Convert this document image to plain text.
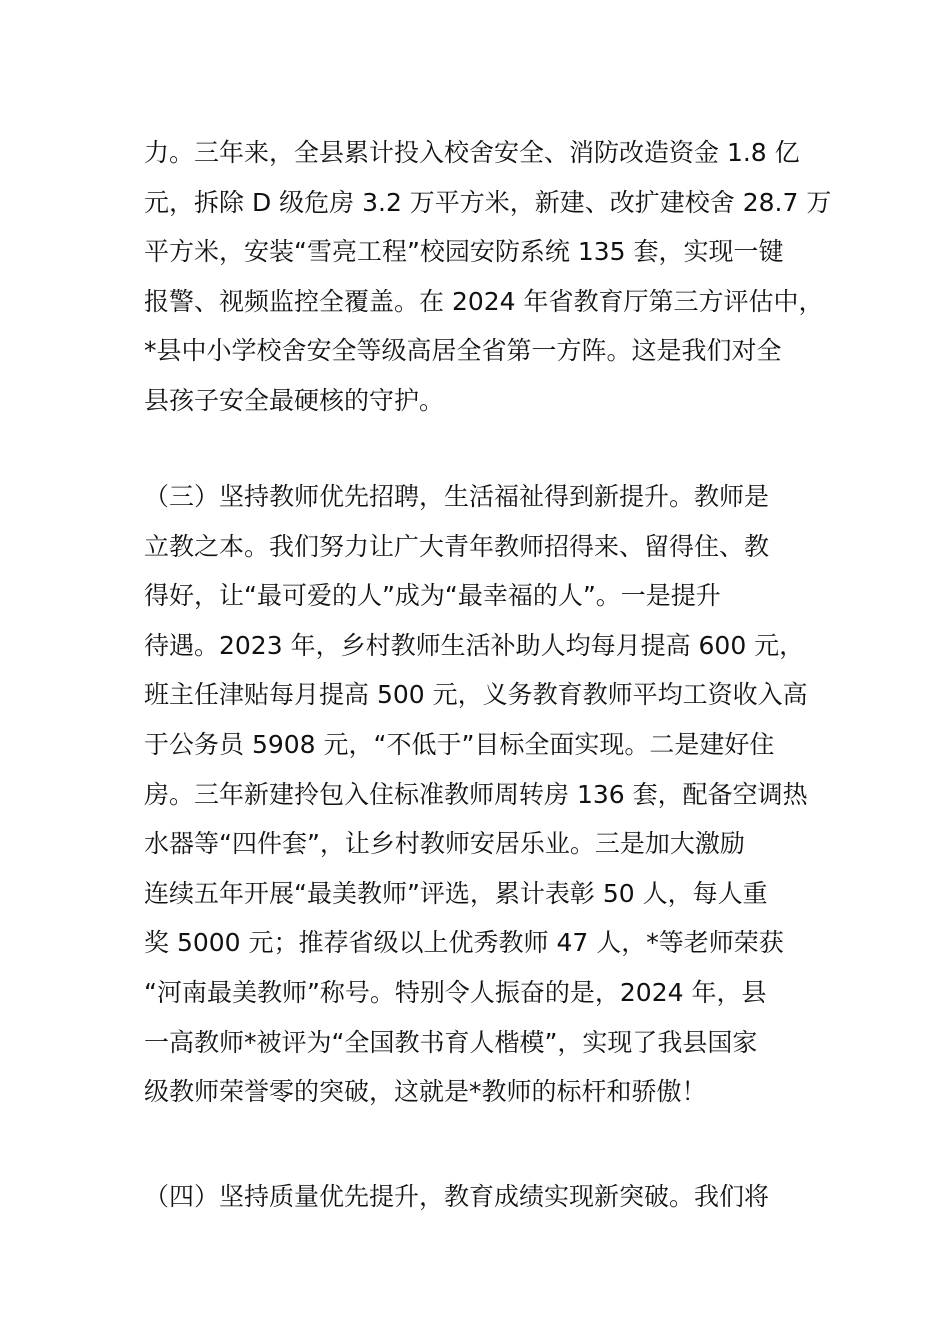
力。三年来，全县累计投入校舍安全、消防改造资金 1.8 亿
元，拆除 D 级危房 3.2 万平方米，新建、改扩建校舍 28.7 万
平方米，安装“雪亮工程”校园安防系统 135 套，实现一键
报警、视频监控全覆盖。在 2024 年省教育厅第三方评估中，
*县中小学校舍安全等级高居全省第一方阵。这是我们对全
县孩子安全最硬核的守护。
（三）坚持教师优先招聘，生活福祉得到新提升。教师是
立教之本。我们努力让广大青年教师招得来、留得住、教
得好，让“最可爱的人”成为“最幸福的人”。一是提升
待遇。2023 年，乡村教师生活补助人均每月提高 600 元，
班主任津贴每月提高 500 元，义务教育教师平均工资收入高
于公务员 5908 元，“不低于”目标全面实现。二是建好住
房。三年新建拎包入住标准教师周转房 136 套，配备空调热
水器等“四件套”，让乡村教师安居乐业。三是加大激励
连续五年开展“最美教师”评选，累计表彰 50 人，每人重
奖 5000 元；推荐省级以上优秀教师 47 人，*等老师荣获
“河南最美教师”称号。特别令人振奋的是，2024 年，县
一高教师*被评为“全国教书育人楷模”，实现了我县国家
级教师荣誉零的突破，这就是*教师的标杆和骄傲！
（四）坚持质量优先提升，教育成绩实现新突破。我们将
